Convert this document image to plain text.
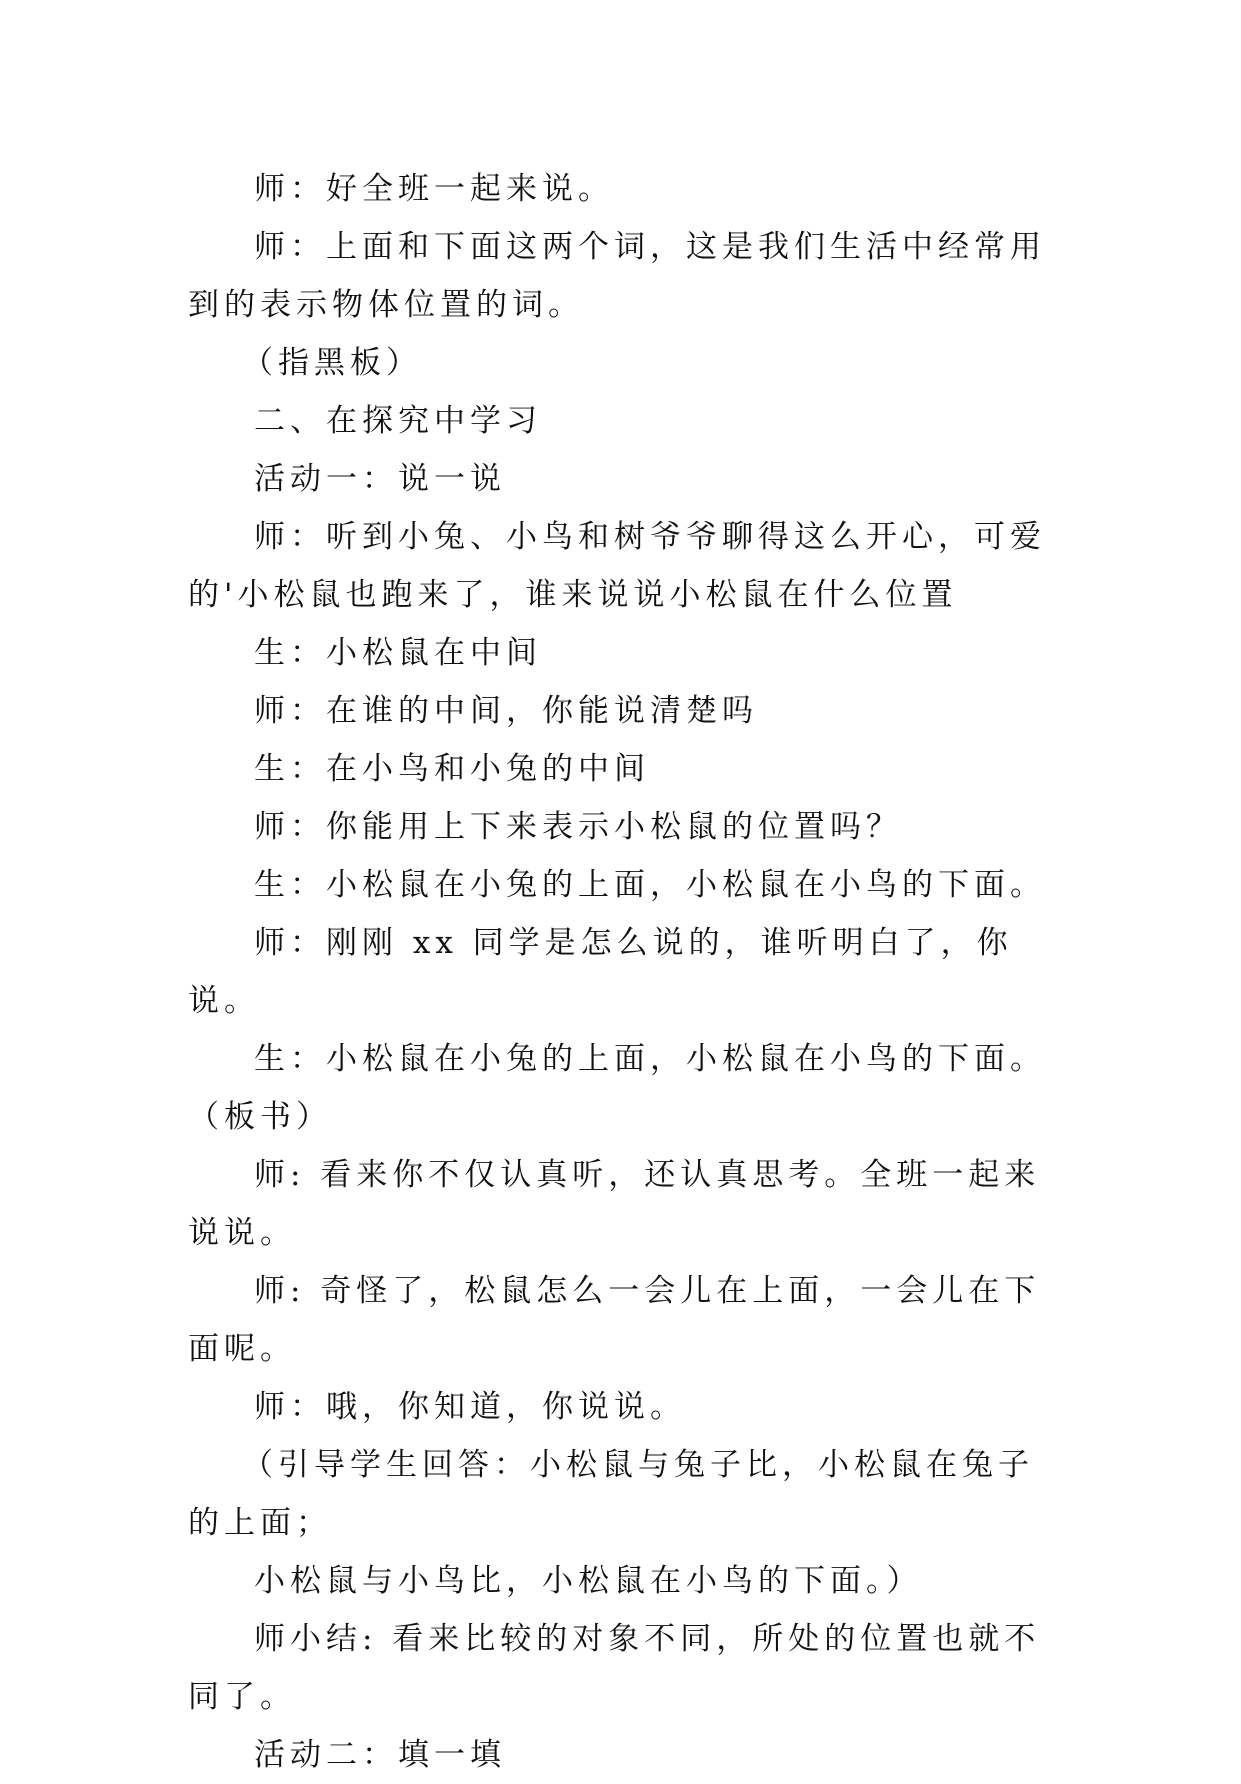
师：好全班一起来说。

师：上面和下面这两个词，这是我们生活中经常用到的表示物体位置的词。

（指黑板）

二、在探究中学习

活动一：说一说

师：听到小兔、小鸟和树爷爷聊得这么开心，可爱的'小松鼠也跑来了，谁来说说小松鼠在什么位置

生：小松鼠在中间

师：在谁的中间，你能说清楚吗

生：在小鸟和小兔的中间

师：你能用上下来表示小松鼠的位置吗？

生：小松鼠在小兔的上面，小松鼠在小鸟的下面。

师：刚刚 xx 同学是怎么说的，谁听明白了，你说。

生：小松鼠在小兔的上面，小松鼠在小鸟的下面。（板书）

师: 看来你不仅认真听，还认真思考。全班一起来说说。

师: 奇怪了，松鼠怎么一会儿在上面，一会儿在下面呢。

师：哦，你知道，你说说。

（引导学生回答：小松鼠与兔子比，小松鼠在兔子的上面；

小松鼠与小鸟比，小松鼠在小鸟的下面。）

师小结: 看来比较的对象不同，所处的位置也就不同了。

活动二：填一填
